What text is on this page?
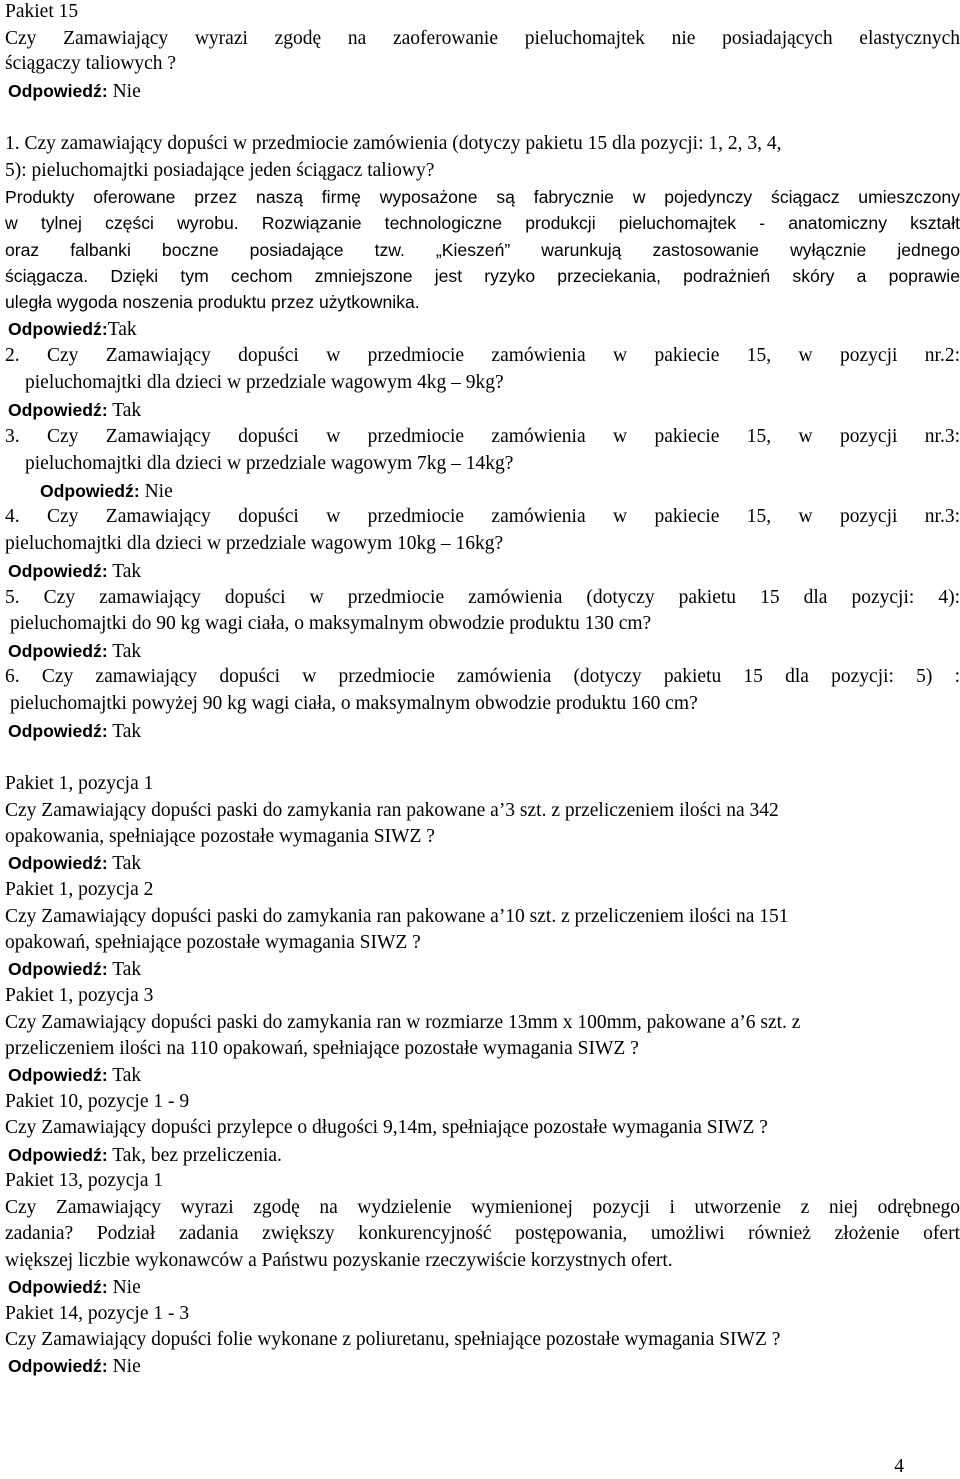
Pakiet 15
Czy Zamawiający wyrazi zgodę na zaoferowanie pieluchomajtek nie posiadających elastycznych
ściągaczy taliowych ?
Odpowiedź: Nie
1. Czy zamawiający dopuści w przedmiocie zamówienia (dotyczy pakietu 15 dla pozycji: 1, 2, 3, 4,
5): pieluchomajtki posiadające jeden ściągacz taliowy?
Produkty oferowane przez naszą firmę wyposażone są fabrycznie w pojedynczy ściągacz umieszczony
w tylnej części wyrobu. Rozwiązanie technologiczne produkcji pieluchomajtek - anatomiczny kształt
oraz falbanki boczne posiadające tzw. „Kieszeń” warunkują zastosowanie wyłącznie jednego
ściągacza. Dzięki tym cechom zmniejszone jest ryzyko przeciekania, podrażnień skóry a poprawie
uległa wygoda noszenia produktu przez użytkownika.
Odpowiedź:Tak
2. Czy Zamawiający dopuści w przedmiocie zamówienia w pakiecie 15, w pozycji nr.2:
pieluchomajtki dla dzieci w przedziale wagowym 4kg – 9kg?
Odpowiedź: Tak
3. Czy Zamawiający dopuści w przedmiocie zamówienia w pakiecie 15, w pozycji nr.3:
pieluchomajtki dla dzieci w przedziale wagowym 7kg – 14kg?
Odpowiedź: Nie
4. Czy Zamawiający dopuści w przedmiocie zamówienia w pakiecie 15, w pozycji nr.3:
pieluchomajtki dla dzieci w przedziale wagowym 10kg – 16kg?
Odpowiedź: Tak
5. Czy zamawiający dopuści w przedmiocie zamówienia (dotyczy pakietu 15 dla pozycji: 4):
pieluchomajtki do 90 kg wagi ciała, o maksymalnym obwodzie produktu 130 cm?
Odpowiedź: Tak
6. Czy zamawiający dopuści w przedmiocie zamówienia (dotyczy pakietu 15 dla pozycji: 5) :
pieluchomajtki powyżej 90 kg wagi ciała, o maksymalnym obwodzie produktu 160 cm?
Odpowiedź: Tak
Pakiet 1, pozycja 1
Czy Zamawiający dopuści paski do zamykania ran pakowane a’3 szt. z przeliczeniem ilości na 342
opakowania, spełniające pozostałe wymagania SIWZ ?
Odpowiedź: Tak
Pakiet 1, pozycja 2
Czy Zamawiający dopuści paski do zamykania ran pakowane a’10 szt. z przeliczeniem ilości na 151
opakowań, spełniające pozostałe wymagania SIWZ ?
Odpowiedź: Tak
Pakiet 1, pozycja 3
Czy Zamawiający dopuści paski do zamykania ran w rozmiarze 13mm x 100mm, pakowane a’6 szt. z
przeliczeniem ilości na 110 opakowań, spełniające pozostałe wymagania SIWZ ?
Odpowiedź: Tak
Pakiet 10, pozycje 1 - 9
Czy Zamawiający dopuści przylepce o długości 9,14m, spełniające pozostałe wymagania SIWZ ?
Odpowiedź: Tak, bez przeliczenia.
Pakiet 13, pozycja 1
Czy Zamawiający wyrazi zgodę na wydzielenie wymienionej pozycji i utworzenie z niej odrębnego
zadania? Podział zadania zwiększy konkurencyjność postępowania, umożliwi również złożenie ofert
większej liczbie wykonawców a Państwu pozyskanie rzeczywiście korzystnych ofert.
Odpowiedź: Nie
Pakiet 14, pozycje 1 - 3
Czy Zamawiający dopuści folie wykonane z poliuretanu, spełniające pozostałe wymagania SIWZ ?
Odpowiedź: Nie
4
